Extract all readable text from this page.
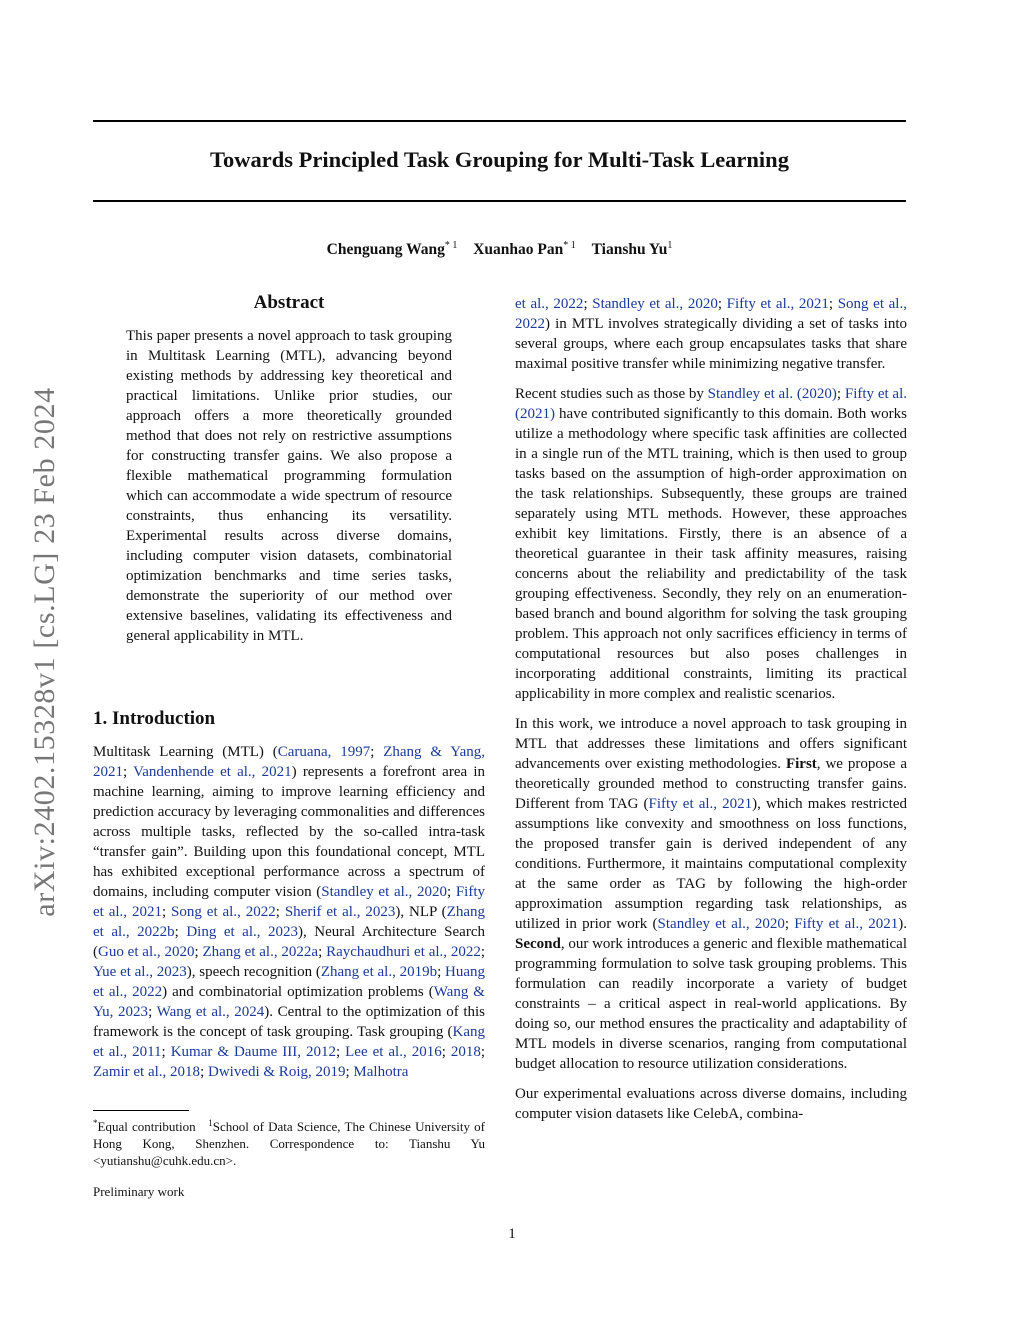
Towards Principled Task Grouping for Multi-Task Learning
Chenguang Wang$^{* 1}$ Xuanhao Pan$^{* 1}$ Tianshu Yu$^1$
arXiv:2402.15328v1 [cs.LG] 23 Feb 2024
Abstract

This paper presents a novel approach to task grouping in Multitask Learning (MTL), advancing beyond existing methods by addressing key theoretical and practical limitations. Unlike prior studies, our approach offers a more theoretically grounded method that does not rely on restrictive assumptions for constructing transfer gains. We also propose a flexible mathematical programming formulation which can accommodate a wide spectrum of resource constraints, thus enhancing its versatility. Experimental results across diverse domains, including computer vision datasets, combinatorial optimization benchmarks and time series tasks, demonstrate the superiority of our method over extensive baselines, validating its effectiveness and general applicability in MTL.

1. Introduction

Multitask Learning (MTL) (Caruana, 1997; Zhang & Yang, 2021; Vandenhende et al., 2021) represents a forefront area in machine learning, aiming to improve learning efficiency and prediction accuracy by leveraging commonalities and differences across multiple tasks, reflected by the so-called intra-task “transfer gain”. Building upon this foundational concept, MTL has exhibited exceptional performance across a spectrum of domains, including computer vision (Standley et al., 2020; Fifty et al., 2021; Song et al., 2022; Sherif et al., 2023), NLP (Zhang et al., 2022b; Ding et al., 2023), Neural Architecture Search (Guo et al., 2020; Zhang et al., 2022a; Raychaudhuri et al., 2022; Yue et al., 2023), speech recognition (Zhang et al., 2019b; Huang et al., 2022) and combinatorial optimization problems (Wang & Yu, 2023; Wang et al., 2024). Central to the optimization of this framework is the concept of task grouping. Task grouping (Kang et al., 2011; Kumar & Daume III, 2012; Lee et al., 2016; 2018; Zamir et al., 2018; Dwivedi & Roig, 2019; Malhotra

*Equal contribution $^1$School of Data Science, The Chinese University of Hong Kong, Shenzhen. Correspondence to: Tianshu Yu <yutianshu@cuhk.edu.cn>.
Preliminary work

et al., 2022; Standley et al., 2020; Fifty et al., 2021; Song et al., 2022) in MTL involves strategically dividing a set of tasks into several groups, where each group encapsulates tasks that share maximal positive transfer while minimizing negative transfer.

Recent studies such as those by Standley et al. (2020); Fifty et al. (2021) have contributed significantly to this domain. Both works utilize a methodology where specific task affinities are collected in a single run of the MTL training, which is then used to group tasks based on the assumption of high-order approximation on the task relationships. Subsequently, these groups are trained separately using MTL methods. However, these approaches exhibit key limitations. Firstly, there is an absence of a theoretical guarantee in their task affinity measures, raising concerns about the reliability and predictability of the task grouping effectiveness. Secondly, they rely on an enumeration-based branch and bound algorithm for solving the task grouping problem. This approach not only sacrifices efficiency in terms of computational resources but also poses challenges in incorporating additional constraints, limiting its practical applicability in more complex and realistic scenarios.

In this work, we introduce a novel approach to task grouping in MTL that addresses these limitations and offers significant advancements over existing methodologies. First, we propose a theoretically grounded method to constructing transfer gains. Different from TAG (Fifty et al., 2021), which makes restricted assumptions like convexity and smoothness on loss functions, the proposed transfer gain is derived independent of any conditions. Furthermore, it maintains computational complexity at the same order as TAG by following the high-order approximation assumption regarding task relationships, as utilized in prior work (Standley et al., 2020; Fifty et al., 2021). Second, our work introduces a generic and flexible mathematical programming formulation to solve task grouping problems. This formulation can readily incorporate a variety of budget constraints – a critical aspect in real-world applications. By doing so, our method ensures the practicality and adaptability of MTL models in diverse scenarios, ranging from computational budget allocation to resource utilization considerations.

Our experimental evaluations across diverse domains, including computer vision datasets like CelebA, combina-

1
